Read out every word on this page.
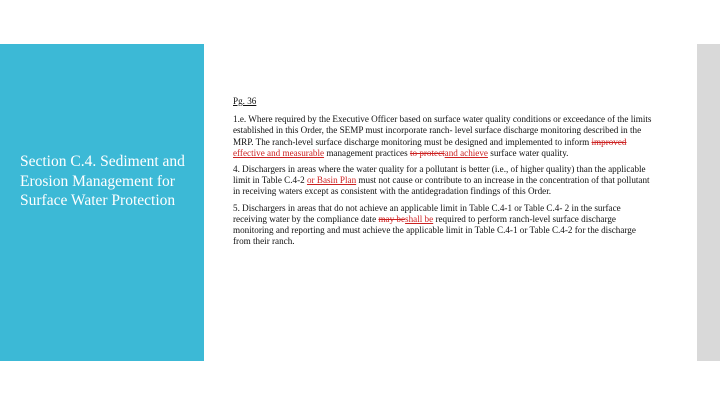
Section C.4. Sediment and Erosion Management for Surface Water Protection

Pg. 36

1.e. Where required by the Executive Officer based on surface water quality conditions or exceedance of the limits established in this Order, the SEMP must incorporate ranch- level surface discharge monitoring described in the MRP. The ranch-level surface discharge monitoring must be designed and implemented to inform improved effective and measurable management practices to protectand achieve surface water quality.

4. Dischargers in areas where the water quality for a pollutant is better (i.e., of higher quality) than the applicable limit in Table C.4-2 or Basin Plan must not cause or contribute to an increase in the concentration of that pollutant in receiving waters except as consistent with the antidegradation findings of this Order.

5. Dischargers in areas that do not achieve an applicable limit in Table C.4-1 or Table C.4- 2 in the surface receiving water by the compliance date may beshall be required to perform ranch-level surface discharge monitoring and reporting and must achieve the applicable limit in Table C.4-1 or Table C.4-2 for the discharge from their ranch.
